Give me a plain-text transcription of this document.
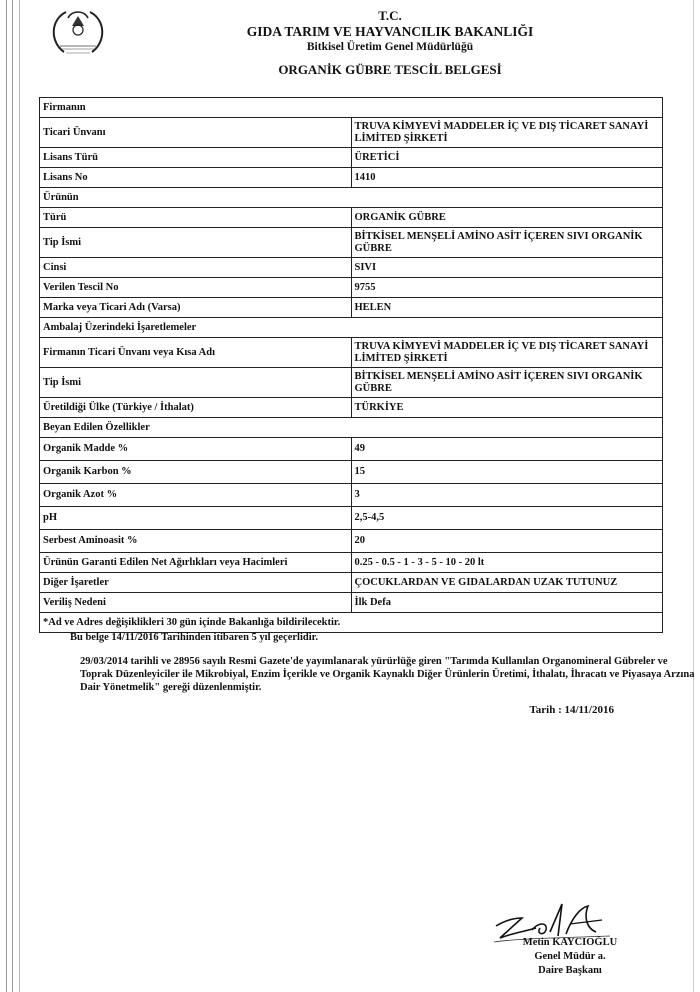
T.C.
GIDA TARIM VE HAYVANCILIK BAKANLIĞI
Bitkisel Üretim Genel Müdürlüğü
ORGANİK GÜBRE TESCİL BELGESİ
Firmanın	
Ticari Ünvanı	TRUVA KİMYEVİ MADDELER İÇ VE DIŞ TİCARET SANAYİ LİMİTED ŞİRKETİ
Lisans Türü	ÜRETİCİ
Lisans No	1410
Ürünün	
Türü	ORGANİK GÜBRE
Tip İsmi	BİTKİSEL MENŞELİ AMİNO ASİT İÇEREN SIVI ORGANİK GÜBRE
Cinsi	SIVI
Verilen Tescil No	9755
Marka veya Ticari Adı (Varsa)	HELEN
Ambalaj Üzerindeki İşaretlemeler	
Firmanın Ticari Ünvanı veya Kısa Adı	TRUVA KİMYEVİ MADDELER İÇ VE DIŞ TİCARET SANAYİ LİMİTED ŞİRKETİ
Tip İsmi	BİTKİSEL MENŞELİ AMİNO ASİT İÇEREN SIVI ORGANİK GÜBRE
Üretildiği Ülke (Türkiye / İthalat)	TÜRKİYE
Beyan Edilen Özellikler	
Organik Madde %	49
Organik Karbon %	15
Organik Azot %	3
pH	2,5-4,5
Serbest Aminoasit %	20
Ürünün Garanti Edilen Net Ağırlıkları veya Hacimleri	0.25 - 0.5 - 1 - 3 - 5 - 10 - 20 lt
Diğer İşaretler	ÇOCUKLARDAN VE GIDALARDAN UZAK TUTUNUZ
Veriliş Nedeni	İlk Defa
*Ad ve Adres değişiklikleri 30 gün içinde Bakanlığa bildirilecektir.	
Bu belge 14/11/2016 Tarihinden itibaren 5 yıl geçerlidir.
29/03/2014 tarihli ve 28956 sayılı Resmi Gazete'de yayımlanarak yürürlüğe giren "Tarımda Kullanılan Organomineral Gübreler ve Toprak Düzenleyiciler ile Mikrobiyal, Enzim İçerikle ve Organik Kaynaklı Diğer Ürünlerin Üretimi, İthalatı, İhracatı ve Piyasaya Arzına Dair Yönetmelik" gereği düzenlenmiştir.
Tarih : 14/11/2016
Metin KAYCIOĞLU
Genel Müdür a.
Daire Başkanı
